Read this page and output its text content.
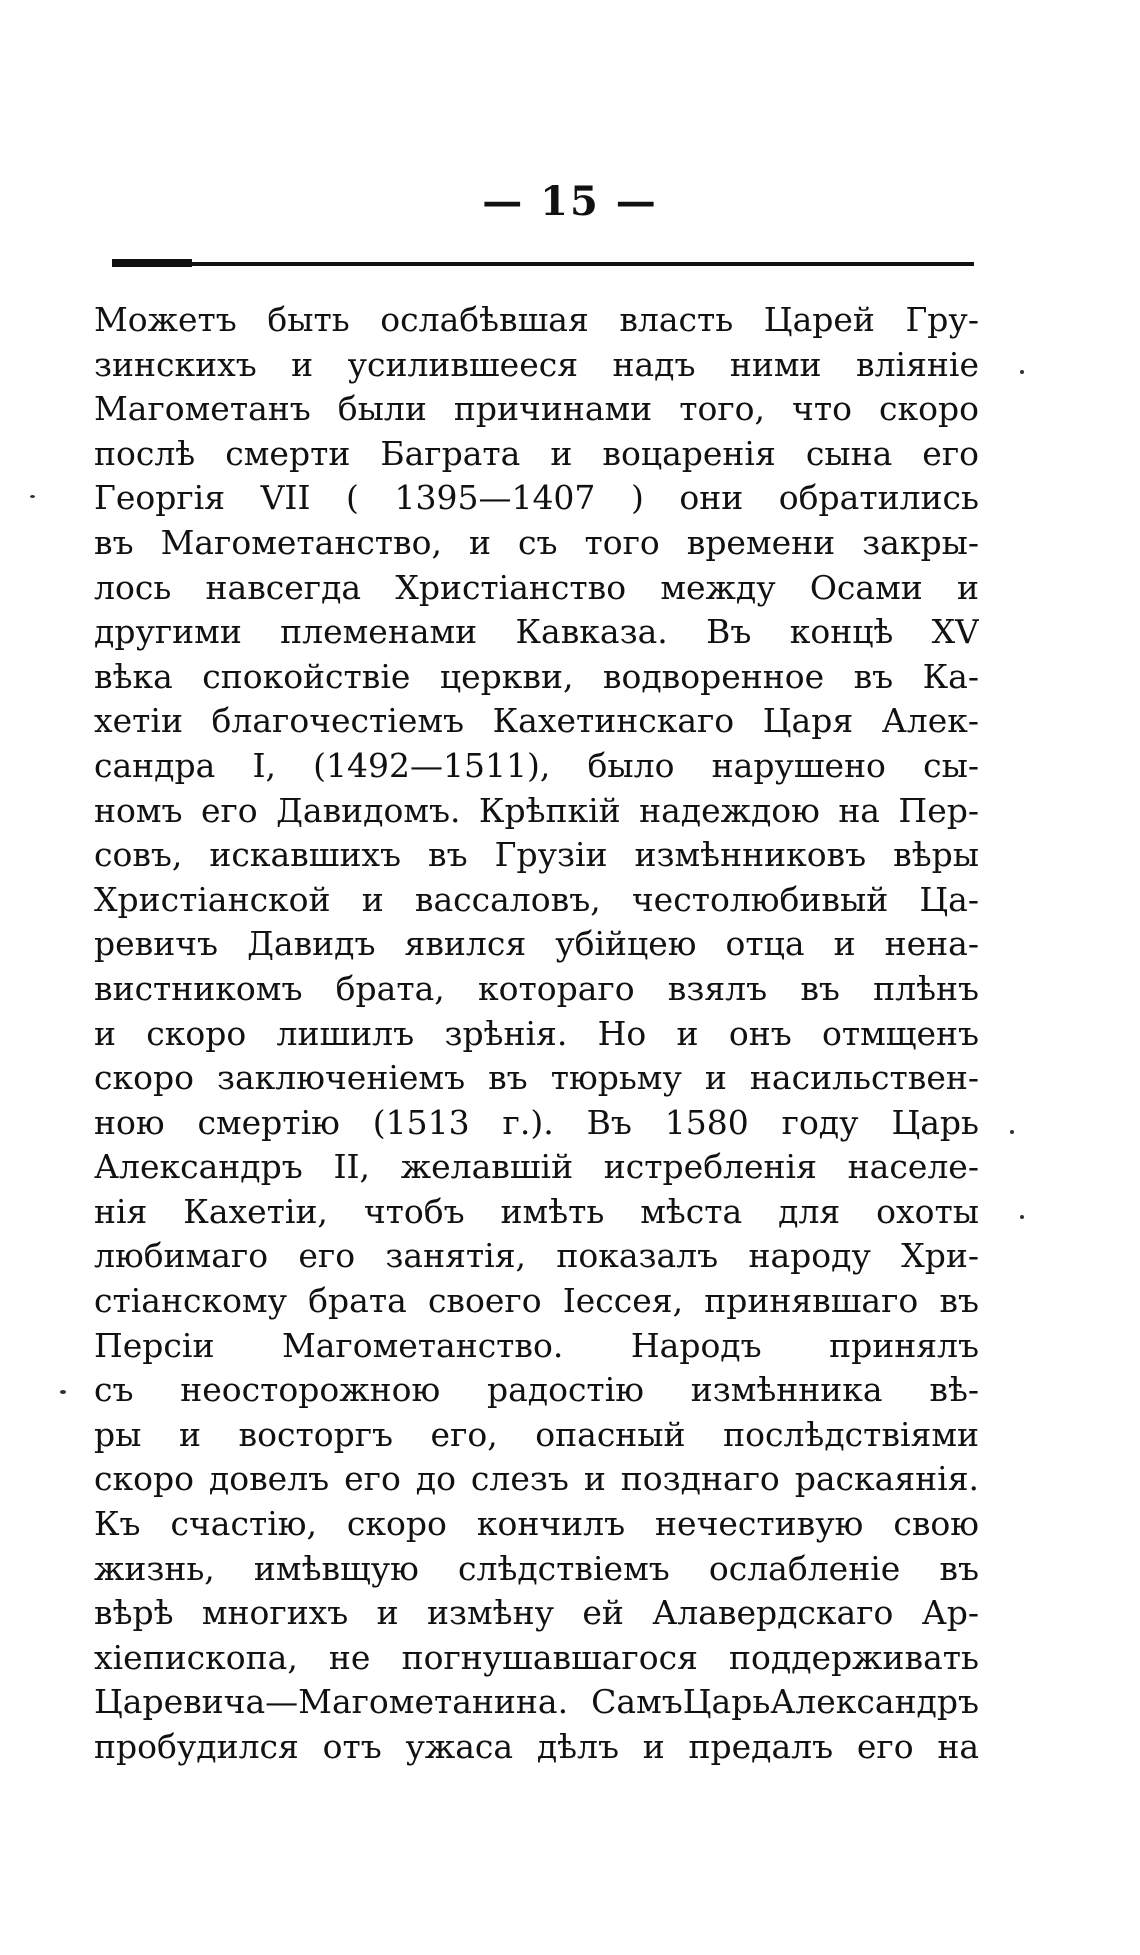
— 15 —
Можетъ быть ослабѣвшая власть Царей Гру-
зинскихъ и усилившееся надъ ними вліяніе
Магометанъ были причинами того, что скоро
послѣ смерти Баграта и воцаренія сына его
Георгія VII ( 1395—1407 ) они обратились
въ Магометанство, и съ того времени закры-
лось навсегда Христіанство между Осами и
другими племенами Кавказа. Въ концѣ XV
вѣка спокойствіе церкви, водворенное въ Ка-
хетіи благочестіемъ Кахетинскаго Царя Алек-
сандра I, (1492—1511), было нарушено сы-
номъ его Давидомъ. Крѣпкій надеждою на Пер-
совъ, искавшихъ въ Грузіи измѣнниковъ вѣры
Христіанской и вассаловъ, честолюбивый Ца-
ревичъ Давидъ явился убійцею отца и нена-
вистникомъ брата, котораго взялъ въ плѣнъ
и скоро лишилъ зрѣнія. Но и онъ отмщенъ
скоро заключеніемъ въ тюрьму и насильствен-
ною смертію (1513 г.). Въ 1580 году Царь
Александръ II, желавшій истребленія населе-
нія Кахетіи, чтобъ имѣть мѣста для охоты
любимаго его занятія, показалъ народу Хри-
стіанскому брата своего Іессея, принявшаго въ
Персіи Магометанство. Народъ принялъ
съ неосторожною радостію измѣнника вѣ-
ры и восторгъ его, опасный послѣдствіями
скоро довелъ его до слезъ и позднаго раскаянія.
Къ счастію, скоро кончилъ нечестивую свою
жизнь, имѣвщую слѣдствіемъ ослабленіе въ
вѣрѣ многихъ и измѣну ей Алавердскаго Ар-
хіепископа, не погнушавшагося поддерживать
Царевича—Магометанина. СамъЦарьАлександръ
пробудился отъ ужаса дѣлъ и предалъ его на
